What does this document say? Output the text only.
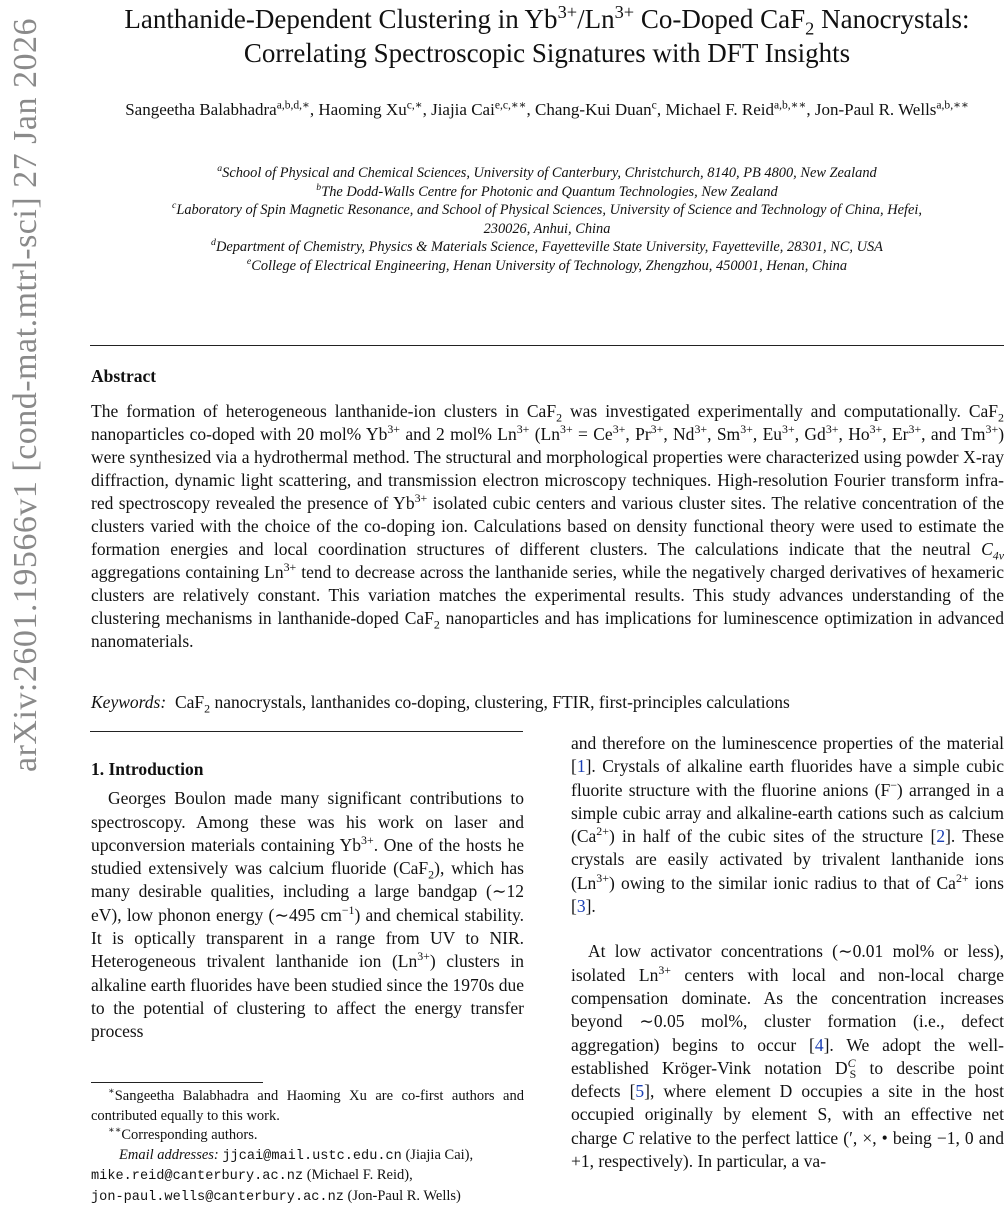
arXiv:2601.19566v1 [cond-mat.mtrl-sci] 27 Jan 2026	Lanthanide-Dependent Clustering in $Yb^{3+}/Ln^{3+}$ Co-Doped CaF$_2$ Nanocrystals:
Correlating Spectroscopic Signatures with DFT Insights
Sangeetha Balabhadra$^{a,b,d,∗}$, Haoming $Xu^{c,∗}$, Jiajia Cai$^{e,c,∗∗}$, Chang-Kui Duan$^c$, Michael F. Reid$^{a,b,∗∗}$, Jon-Paul R. Wells$^{a,b,∗∗}$
$^a$School of Physical and Chemical Sciences, University of Canterbury, Christchurch, 8140, PB 4800, New Zealand
$^b$The Dodd-Walls Centre for Photonic and Quantum Technologies, New Zealand
$^c$Laboratory of Spin Magnetic Resonance, and School of Physical Sciences, University of Science and Technology of China, Hefei, 230026, Anhui, China
$^d$Department of Chemistry, Physics & Materials Science, Fayetteville State University, Fayetteville, 28301, NC, USA
$^e$College of Electrical Engineering, Henan University of Technology, Zhengzhou, 450001, Henan, China
Abstract
The formation of heterogeneous lanthanide-ion clusters in CaF$_2$ was investigated experimentally and computationally. CaF$_2$ nanoparticles co-doped with 20 mol% $Yb^{3+}$ and 2 mol% $Ln^{3+}$ ($Ln^{3+} = Ce^{3+}$, $Pr^{3+}$, $Nd^{3+}$, $Sm^{3+}$, $Eu^{3+}$, $Gd^{3+}$, $Ho^{3+}$, $Er^{3+}$, and $Tm^{3+}$) were synthesized via a hydrothermal method. The structural and morphological properties were characterized using powder X-ray diffraction, dynamic light scattering, and transmission electron microscopy techniques. High-resolution Fourier transform infra-red spectroscopy revealed the presence of $Yb^{3+}$ isolated cubic centers and various cluster sites. The relative concentration of the clusters varied with the choice of the co-doping ion. Calculations based on density functional theory were used to estimate the formation energies and local coordination structures of different clusters. The calculations indicate that the neutral $C_{4v}$ aggregations containing $Ln^{3+}$ tend to decrease across the lanthanide series, while the negatively charged derivatives of hexameric clusters are relatively constant. This variation matches the experimental results. This study advances understanding of the clustering mechanisms in lanthanide-doped CaF$_2$ nanoparticles and has implications for luminescence optimization in advanced nanomaterials.
Keywords: CaF$_2$ nanocrystals, lanthanides co-doping, clustering, FTIR, first-principles calculations
1. Introduction

Georges Boulon made many significant contributions to spectroscopy. Among these was his work on laser and upconversion materials containing $Yb^{3+}$. One of the hosts he studied extensively was calcium fluoride (CaF$_2$), which has many desirable qualities, including a large bandgap (∼12 eV), low phonon energy (∼495 $cm^{-1}$) and chemical stability. It is optically transparent in a range from UV to NIR. Heterogeneous trivalent lanthanide ion $(Ln^{3+})$ clusters in alkaline earth fluorides have been studied since the 1970s due to the potential of clustering to affect the energy transfer process

and therefore on the luminescence properties of the material [1]. Crystals of alkaline earth fluorides have a simple cubic fluorite structure with the fluorine anions (F−) arranged in a simple cubic array and alkaline-earth cations such as calcium $(Ca^{2+})$ in half of the cubic sites of the structure [2]. These crystals are easily activated by trivalent lanthanide ions $(Ln^{3+})$ owing to the similar ionic radius to that of $Ca^{2+}$ ions [3].

At low activator concentrations (∼0.01 mol% or less), isolated $Ln^{3+}$ centers with local and non-local charge compensation dominate. As the concentration increases beyond ∼0.05 mol%, cluster formation (i.e., defect aggregation) begins to occur [4]. We adopt the well-established Kröger-Vink notation $D^C_S$ to describe point defects [5], where element D occupies a site in the host occupied originally by element S, with an effective net charge C relative to the perfect lattice (′, ×, • being −1, 0 and +1, respectively). In particular, a va-

∗Sangeetha Balabhadra and Haoming Xu are co-first authors and contributed equally to this work.

∗∗Corresponding authors.

Email addresses: jjcai@mail.ustc.edu.cn (Jiajia Cai),

mike.reid@canterbury.ac.nz (Michael F. Reid),

jon-paul.wells@canterbury.ac.nz (Jon-Paul R. Wells)
